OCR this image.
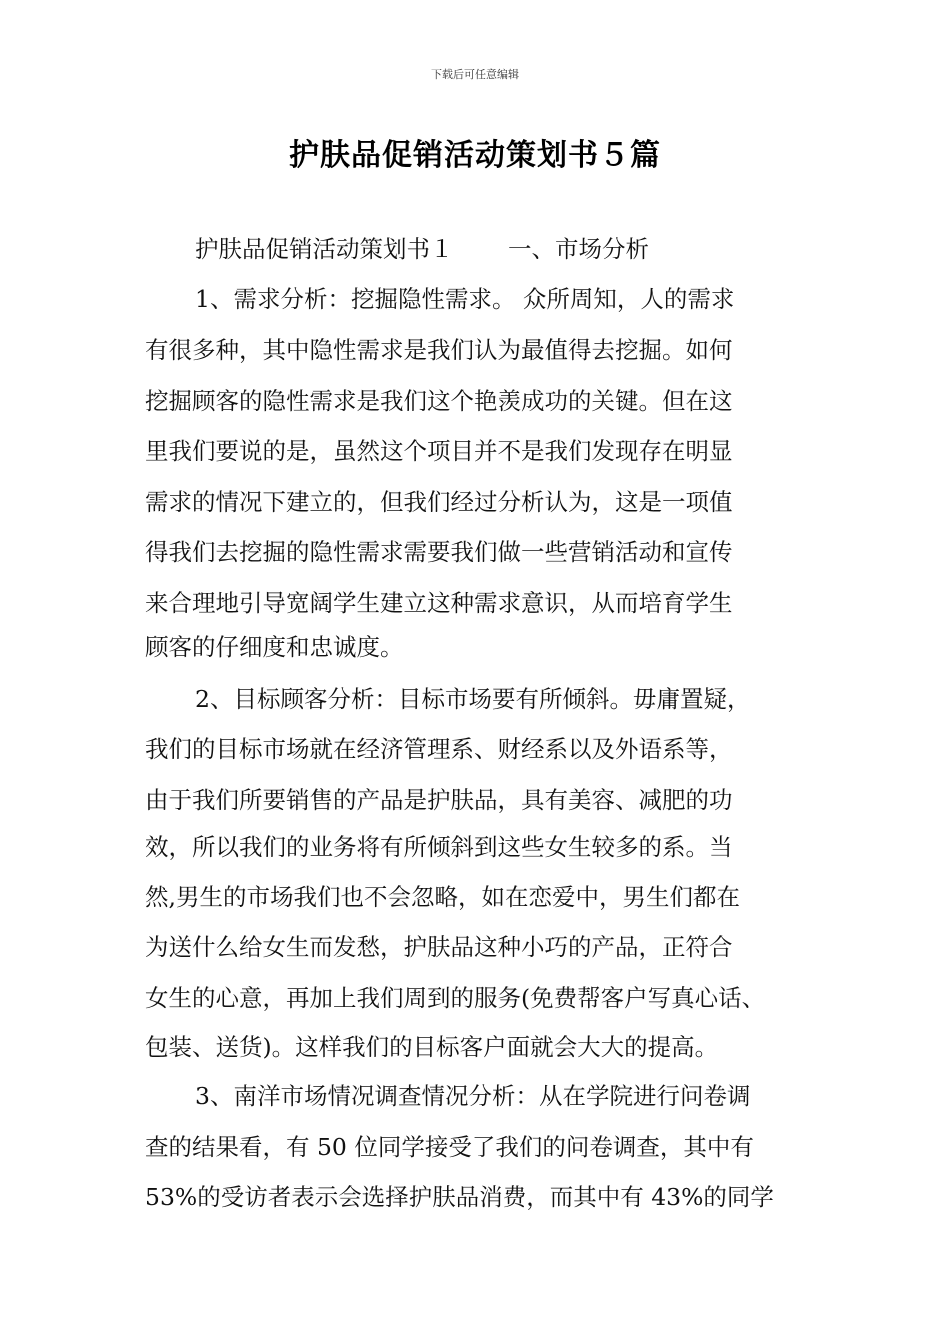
下载后可任意编辑
护肤品促销活动策划书５篇
护肤品促销活动策划书１　　 一、市场分析
1、需求分析：挖掘隐性需求。 众所周知，人的需求
有很多种，其中隐性需求是我们认为最值得去挖掘。如何
挖掘顾客的隐性需求是我们这个艳羡成功的关键。但在这
里我们要说的是，虽然这个项目并不是我们发现存在明显
需求的情况下建立的，但我们经过分析认为，这是一项值
得我们去挖掘的隐性需求需要我们做一些营销活动和宣传
来合理地引导宽阔学生建立这种需求意识，从而培育学生
顾客的仔细度和忠诚度。
2、目标顾客分析：目标市场要有所倾斜。毋庸置疑，
我们的目标市场就在经济管理系、财经系以及外语系等，
由于我们所要销售的产品是护肤品，具有美容、减肥的功
效，所以我们的业务将有所倾斜到这些女生较多的系。当
然,男生的市场我们也不会忽略，如在恋爱中，男生们都在
为送什么给女生而发愁，护肤品这种小巧的产品，正符合
女生的心意，再加上我们周到的服务(免费帮客户写真心话、
包装、送货)。这样我们的目标客户面就会大大的提高。
3、南洋市场情况调查情况分析：从在学院进行问卷调
查的结果看，有 50 位同学接受了我们的问卷调查，其中有
53%的受访者表示会选择护肤品消费，而其中有 43%的同学
